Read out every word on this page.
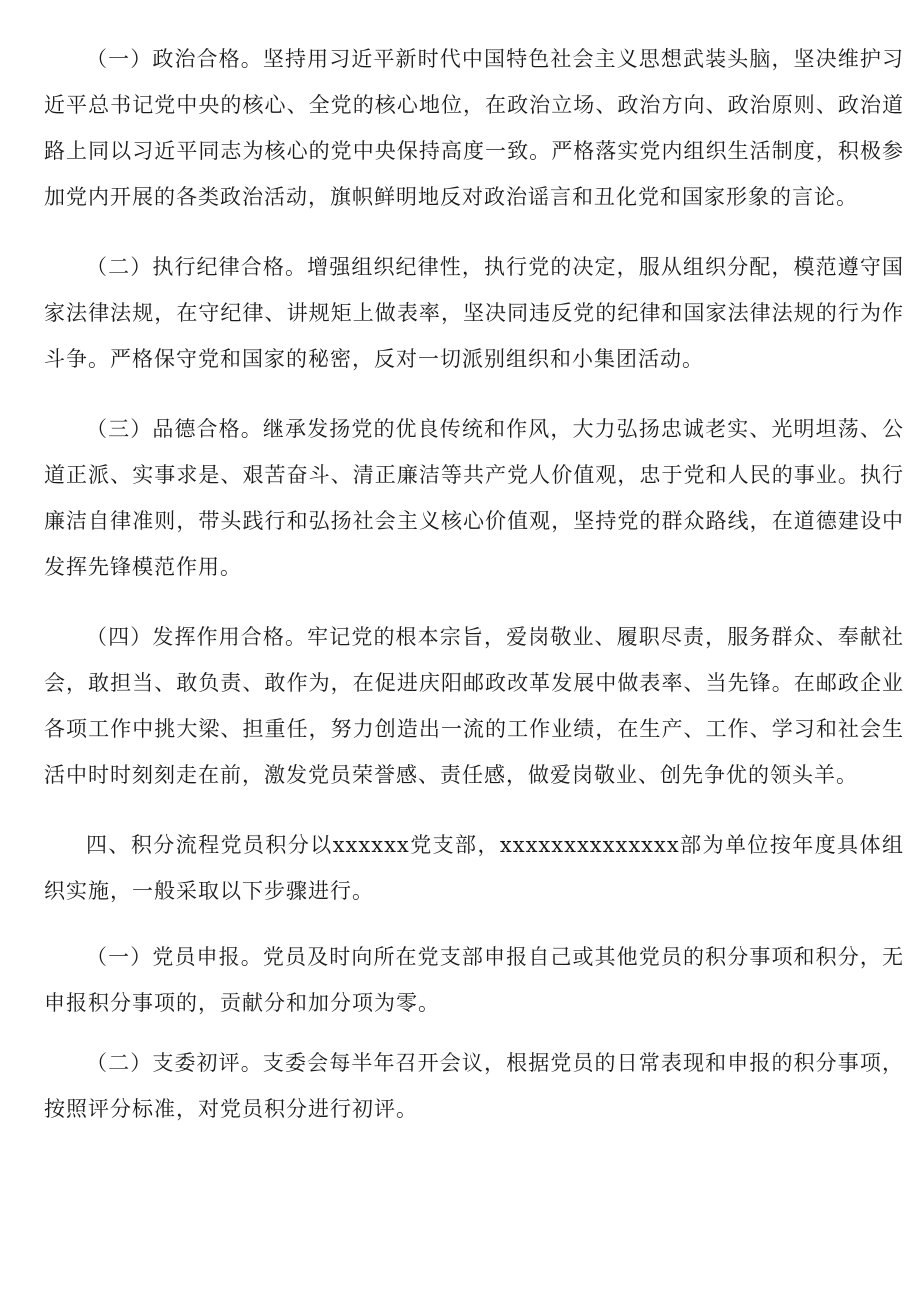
（一）政治合格。坚持用习近平新时代中国特色社会主义思想武装头脑，坚决维护习近平总书记党中央的核心、全党的核心地位，在政治立场、政治方向、政治原则、政治道路上同以习近平同志为核心的党中央保持高度一致。严格落实党内组织生活制度，积极参加党内开展的各类政治活动，旗帜鲜明地反对政治谣言和丑化党和国家形象的言论。

（二）执行纪律合格。增强组织纪律性，执行党的决定，服从组织分配，模范遵守国家法律法规，在守纪律、讲规矩上做表率，坚决同违反党的纪律和国家法律法规的行为作斗争。严格保守党和国家的秘密，反对一切派别组织和小集团活动。

（三）品德合格。继承发扬党的优良传统和作风，大力弘扬忠诚老实、光明坦荡、公道正派、实事求是、艰苦奋斗、清正廉洁等共产党人价值观，忠于党和人民的事业。执行廉洁自律准则，带头践行和弘扬社会主义核心价值观，坚持党的群众路线，在道德建设中发挥先锋模范作用。

（四）发挥作用合格。牢记党的根本宗旨，爱岗敬业、履职尽责，服务群众、奉献社会，敢担当、敢负责、敢作为，在促进庆阳邮政改革发展中做表率、当先锋。在邮政企业各项工作中挑大梁、担重任，努力创造出一流的工作业绩，在生产、工作、学习和社会生活中时时刻刻走在前，激发党员荣誉感、责任感，做爱岗敬业、创先争优的领头羊。

四、积分流程党员积分以xxxxxx党支部，xxxxxxxxxxxxxx部为单位按年度具体组织实施，一般采取以下步骤进行。

（一）党员申报。党员及时向所在党支部申报自己或其他党员的积分事项和积分，无申报积分事项的，贡献分和加分项为零。

（二）支委初评。支委会每半年召开会议，根据党员的日常表现和申报的积分事项，按照评分标准，对党员积分进行初评。
